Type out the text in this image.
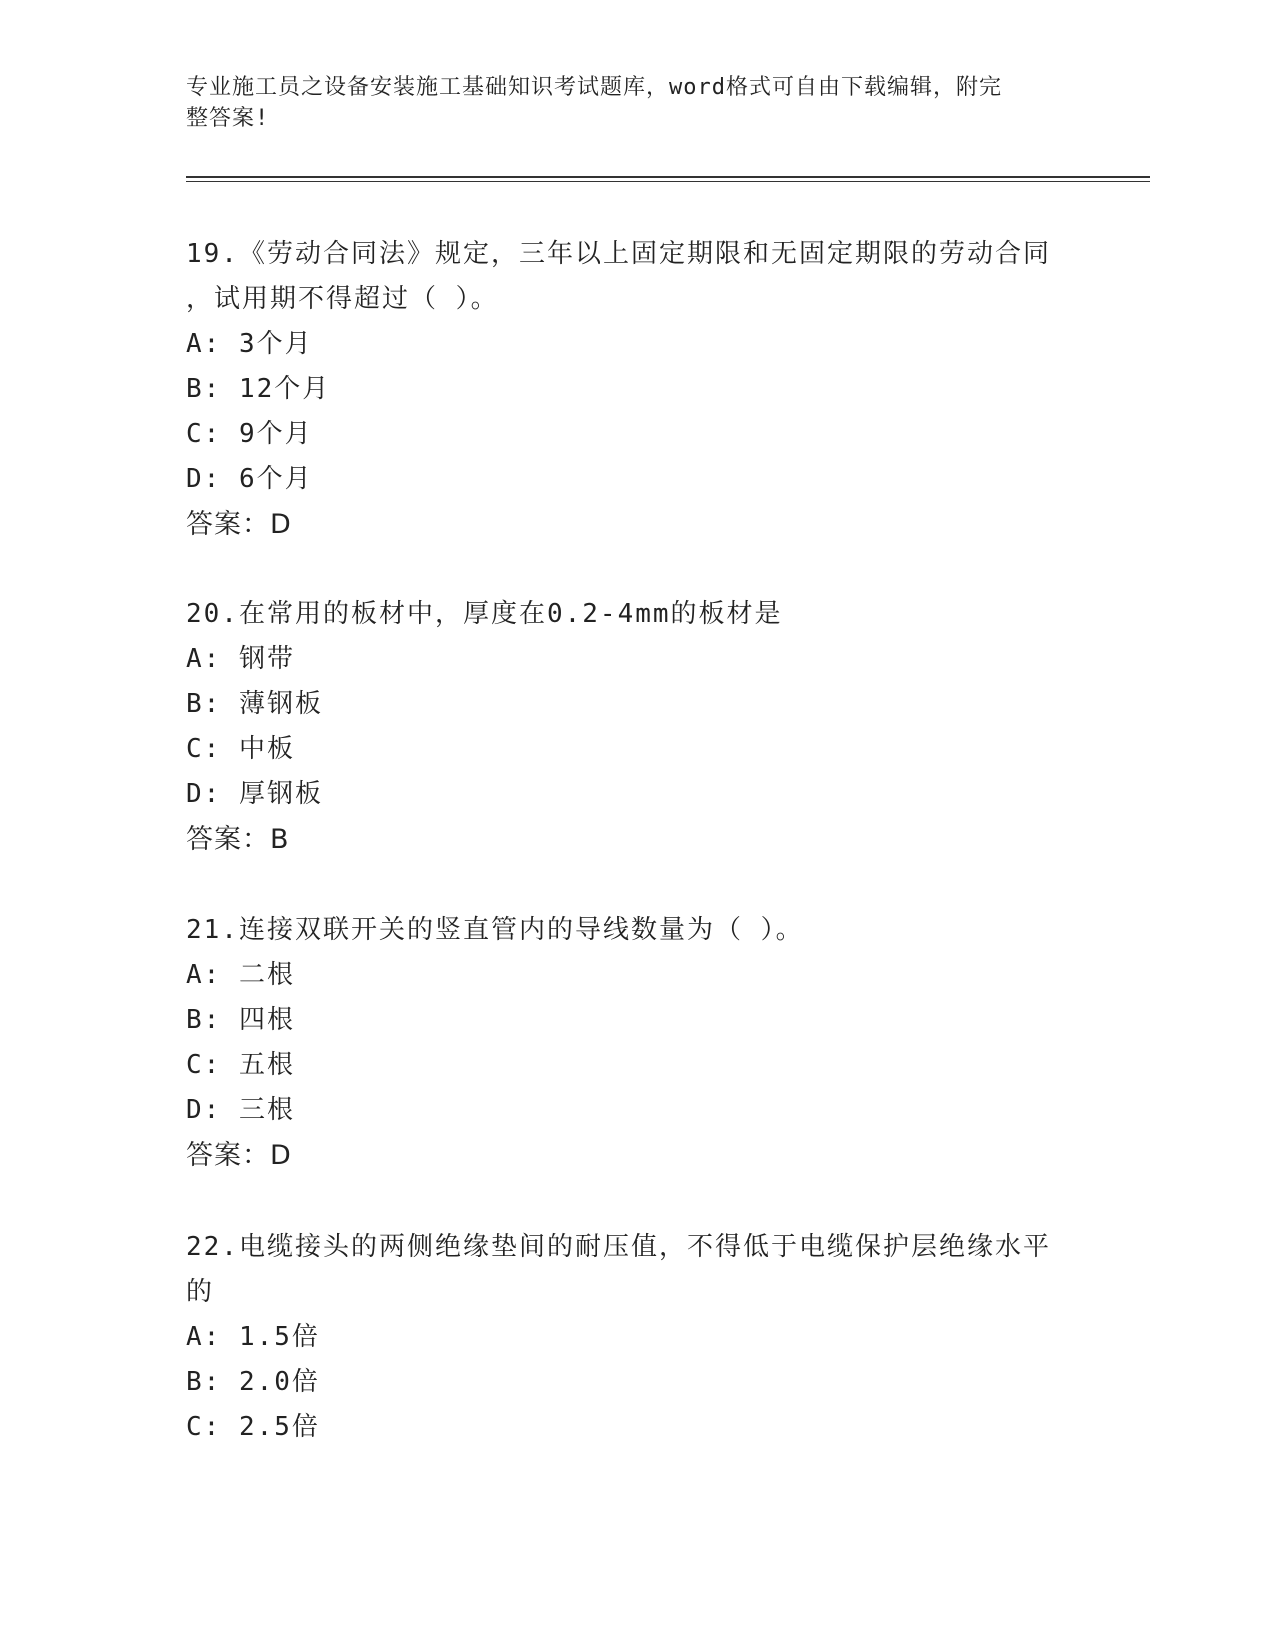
专业施工员之设备安装施工基础知识考试题库，word格式可自由下载编辑，附完
整答案!
19.《劳动合同法》规定，三年以上固定期限和无固定期限的劳动合同
，试用期不得超过（ ）。
A: 3个月
B: 12个月
C: 9个月
D: 6个月
答案：D
20.在常用的板材中，厚度在0.2-4mm的板材是
A: 钢带
B: 薄钢板
C: 中板
D: 厚钢板
答案：B
21.连接双联开关的竖直管内的导线数量为（ ）。
A: 二根
B: 四根
C: 五根
D: 三根
答案：D
22.电缆接头的两侧绝缘垫间的耐压值，不得低于电缆保护层绝缘水平
的
A: 1.5倍
B: 2.0倍
C: 2.5倍
